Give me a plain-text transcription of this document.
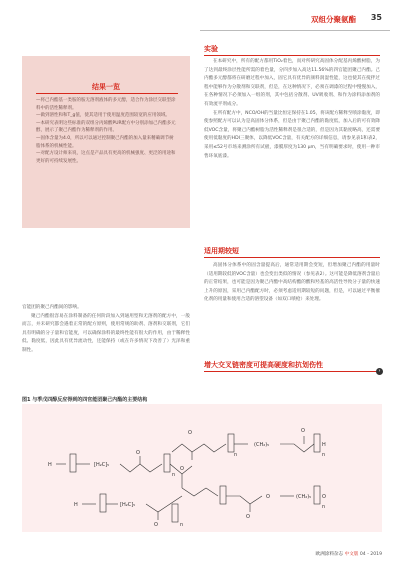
双组分聚氨酯 35
结果一览
—将己内酯基一类胺的胺无溶剂液体的多元醇，适合作为涂层交联型涂料中的活性稀释剂。
—做到溶性和和T_g值，使其适用于使用温度范围较宽的应用领域。
—本研究表明这些标准的双组分丙烯酸PUR配方中分别添加己内酯多元醇，展示了聚己内酯作为稀释剂的作用。
—固体含量为4.0，所以可以通过控制聚己内酯的加入量来精确调节树脂体系的机械性能。
—对配方设计师来说，这点是产品具有更高的机械强度、更泛的用途和更好的可持续发展性。

官能团的聚己内酯间的影响。

聚己内酯很容易在涂料制备的任何阶段加入到通用型和无溶剂的配方中，一般而言，并未研究都会遇着正常的配方原则，使用常规的助剂、溶剂和交联剂，它们具有明确的分子量和官能度，可以确保涂料的最终性能有很大的作用，由于稀释性低、黏度低，因此具有优异流动性，还能保持（或在许多情况下改善了）光泽和重制性。

实验

在本研究中，所有的配方都用TiO₂着色，而对所研究高固体分配基丙烯酸树脂，为了达到最终涂层性能所需的着色量，分四步加入高达11.56%的四官能团聚己内酯。己内酯多元醇都将在研磨过程中加入，固它具有优异的颜料润湿性能，这也使其在搅拌过程中能够作为分散剂和交联剂，但是，在这种情况下，必须在调漆的过程中慢慢加入，在各种情况下必须加入一组的剂，其中包括分散剂、UV吸收剂、和作为涂料添加剂的有效流平剂成分。

在所有配方中，NCO/OH的当量比恒定保持在1.05，将该配方稀释至喷涂黏度，即使参照配方可以认为是高固体分体系，但是由于聚己内酯的黏度低，加入后的可有效降低VOC含量，将聚己内酯树脂为活性稀释剂是很合适的，但是因为其黏度略高，还需要使用低黏度的HDI三聚体，以降低VOC含量，有关配方的详细信息，请参见表1和表2，采用≤52号市场来测涂所有试板，漆膜厚度为130 μm，当有明确要求时，使用一种市售环氧底漆。

适用期较短

高固体分体系中的固含量提高后，通常适用期会变短，但增加聚己内酯的用量时（适用期较低的VOC含量）也会变出类似的情况（参见表2）。这可能是降低溶剂含量后的正常结果，也可能是因为聚己内酯中高结构酯的酸和羟基的高活性导致分子量的快速上升的原因，采用己内酯配方时，必须考虑适用期较短的问题，但是，可以通过平衡催化剂的用量和使用合适的溶望设备（如双口喷枪）来处理。

增大交叉链密度可提高硬度和抗划伤性
›
图1 与季戊四醇反应得到的四官能团聚己内酯的主要结构
O
(CH₂)₅
O
H
n	n
H	[H₂C]₅
O
n
O
O
O	(CH₂)₅ O
n
H	[H₂C]₅
O	n
欧洲涂料杂志 中文版 04・2019
